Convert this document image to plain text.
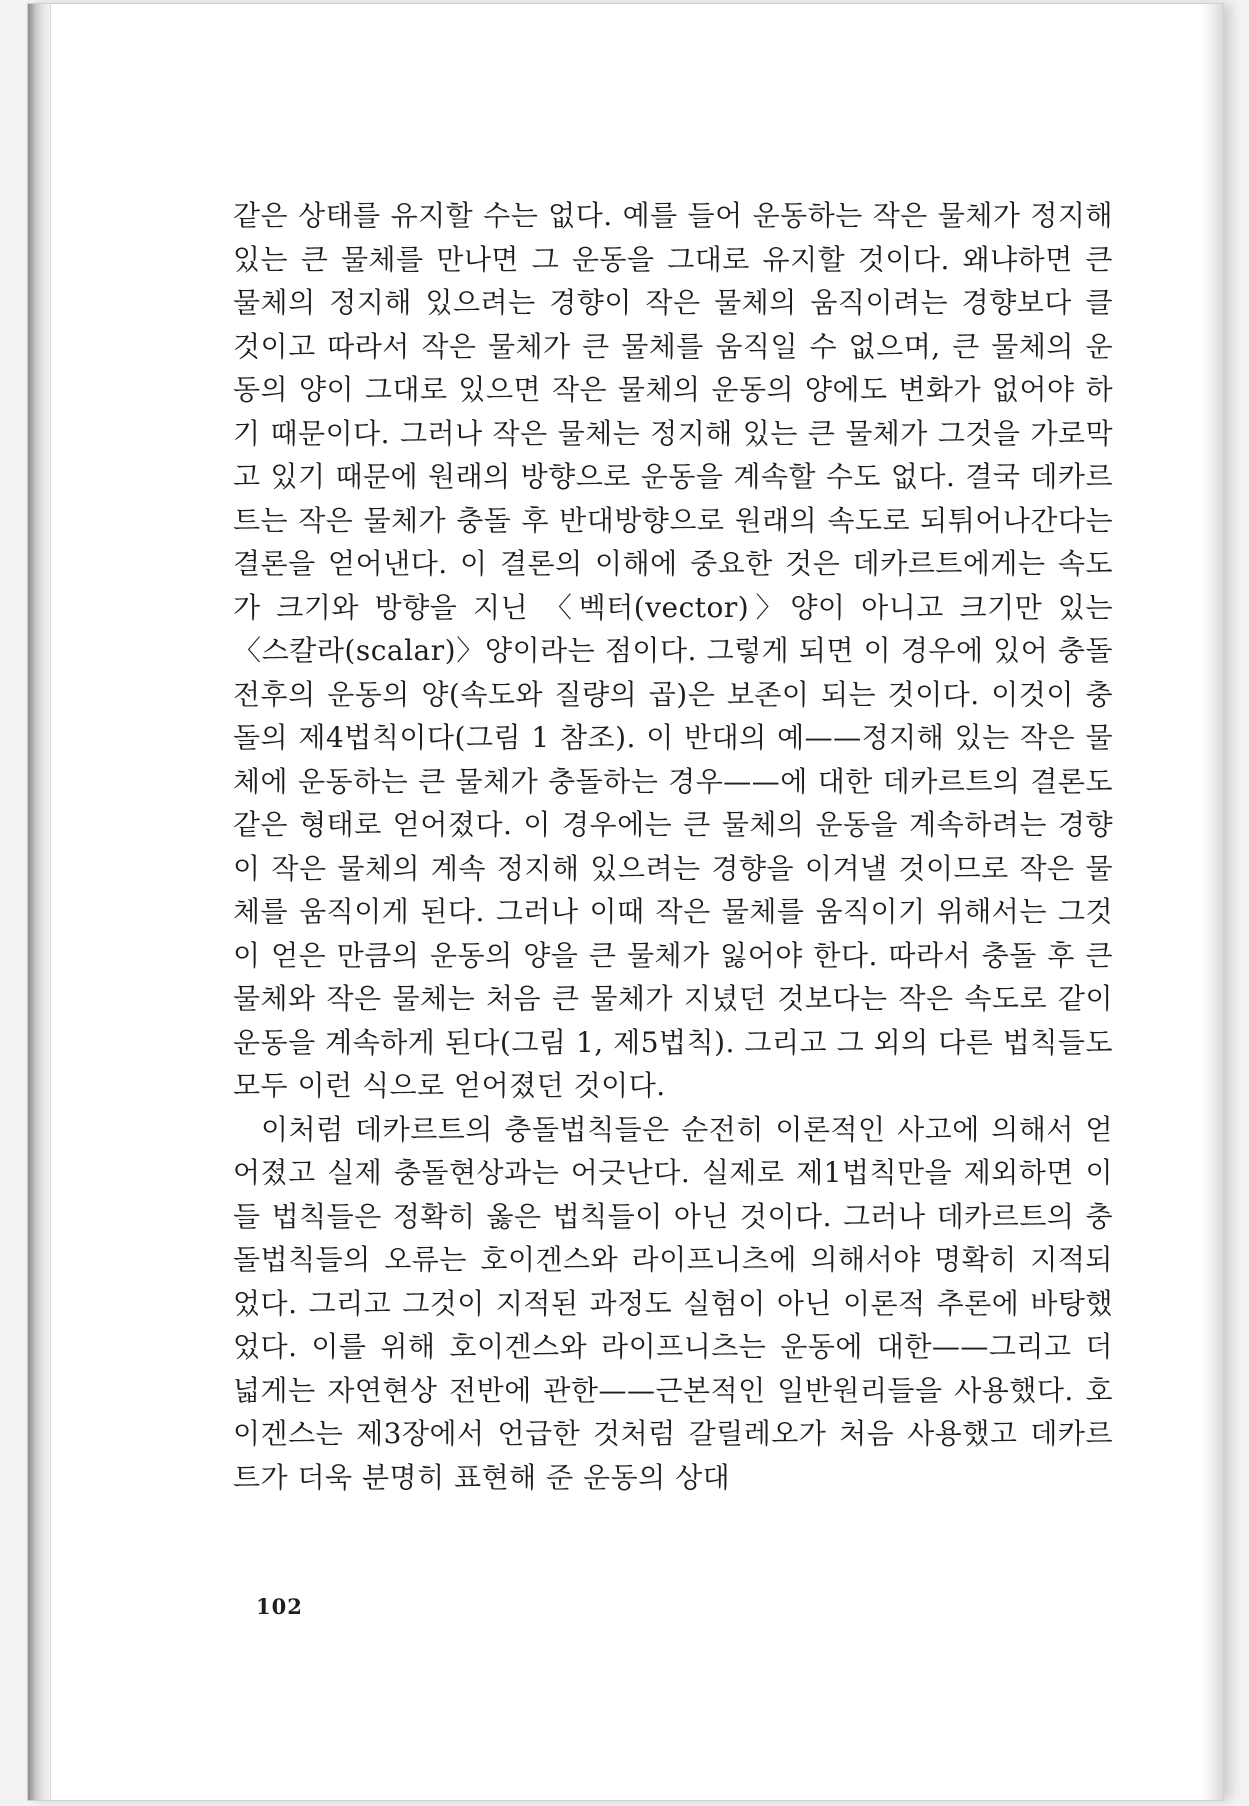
같은 상태를 유지할 수는 없다. 예를 들어 운동하는 작은 물체가 정지해 있는 큰 물체를 만나면 그 운동을 그대로 유지할 것이다. 왜냐하면 큰 물체의 정지해 있으려는 경향이 작은 물체의 움직이려는 경향보다 클 것이고 따라서 작은 물체가 큰 물체를 움직일 수 없으며, 큰 물체의 운동의 양이 그대로 있으면 작은 물체의 운동의 양에도 변화가 없어야 하기 때문이다. 그러나 작은 물체는 정지해 있는 큰 물체가 그것을 가로막고 있기 때문에 원래의 방향으로 운동을 계속할 수도 없다. 결국 데카르트는 작은 물체가 충돌 후 반대방향으로 원래의 속도로 되튀어나간다는 결론을 얻어낸다. 이 결론의 이해에 중요한 것은 데카르트에게는 속도가 크기와 방향을 지닌 〈벡터(vector)〉양이 아니고 크기만 있는 〈스칼라(scalar)〉양이라는 점이다. 그렇게 되면 이 경우에 있어 충돌 전후의 운동의 양(속도와 질량의 곱)은 보존이 되는 것이다. 이것이 충돌의 제4법칙이다(그림 1 참조). 이 반대의 예——정지해 있는 작은 물체에 운동하는 큰 물체가 충돌하는 경우——에 대한 데카르트의 결론도 같은 형태로 얻어졌다. 이 경우에는 큰 물체의 운동을 계속하려는 경향이 작은 물체의 계속 정지해 있으려는 경향을 이겨낼 것이므로 작은 물체를 움직이게 된다. 그러나 이때 작은 물체를 움직이기 위해서는 그것이 얻은 만큼의 운동의 양을 큰 물체가 잃어야 한다. 따라서 충돌 후 큰 물체와 작은 물체는 처음 큰 물체가 지녔던 것보다는 작은 속도로 같이 운동을 계속하게 된다(그림 1, 제5법칙). 그리고 그 외의 다른 법칙들도 모두 이런 식으로 얻어졌던 것이다.

이처럼 데카르트의 충돌법칙들은 순전히 이론적인 사고에 의해서 얻어졌고 실제 충돌현상과는 어긋난다. 실제로 제1법칙만을 제외하면 이들 법칙들은 정확히 옳은 법칙들이 아닌 것이다. 그러나 데카르트의 충돌법칙들의 오류는 호이겐스와 라이프니츠에 의해서야 명확히 지적되었다. 그리고 그것이 지적된 과정도 실험이 아닌 이론적 추론에 바탕했었다. 이를 위해 호이겐스와 라이프니츠는 운동에 대한——그리고 더 넓게는 자연현상 전반에 관한——근본적인 일반원리들을 사용했다. 호이겐스는 제3장에서 언급한 것처럼 갈릴레오가 처음 사용했고 데카르트가 더욱 분명히 표현해 준 운동의 상대

102
